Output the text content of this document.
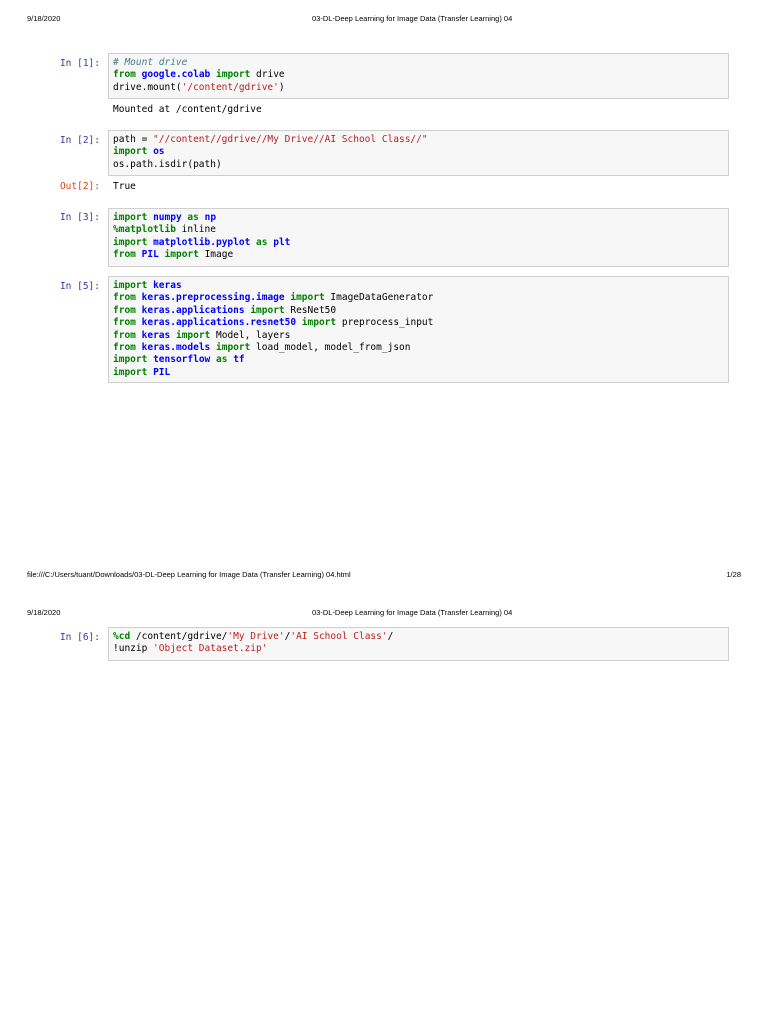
9/18/2020	03-DL-Deep Learning for Image Data (Transfer Learning) 04
In [1]: # Mount drive
from google.colab import drive
drive.mount('/content/gdrive')
Mounted at /content/gdrive
In [2]: path = "//content//gdrive//My Drive//AI School Class//"
import os
os.path.isdir(path)
Out[2]: True
In [3]: import numpy as np
%matplotlib inline
import matplotlib.pyplot as plt
from PIL import Image
In [5]: import keras
from keras.preprocessing.image import ImageDataGenerator
from keras.applications import ResNet50
from keras.applications.resnet50 import preprocess_input
from keras import Model, layers
from keras.models import load_model, model_from_json
import tensorflow as tf
import PIL
file:///C:/Users/tuant/Downloads/03-DL-Deep Learning for Image Data (Transfer Learning) 04.html	1/28
9/18/2020	03-DL-Deep Learning for Image Data (Transfer Learning) 04
In [6]: %cd /content/gdrive/'My Drive'/'AI School Class'/
!unzip 'Object Dataset.zip'
